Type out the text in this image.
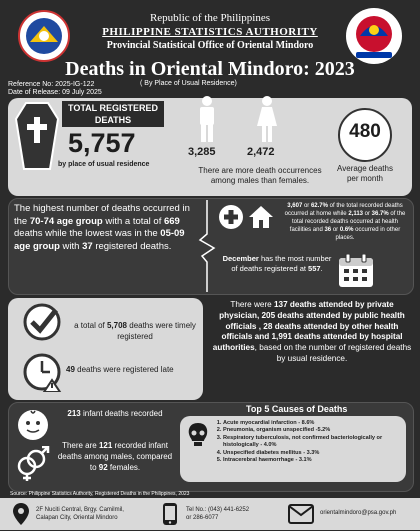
Republic of the Philippines
PHILIPPINE STATISTICS AUTHORITY
Provincial Statistical Office of Oriental Mindoro
Deaths in Oriental Mindoro: 2023
( By Place of Usual Residence)
Reference No: 2025-IG-122
Date of Release: 09 July 2025
TOTAL REGISTERED
DEATHS
5,757
by place of usual residence
3,285	2,472
There are more death occurrences
among males than females.
480
Average deaths
per month
The highest number of deaths occurred in the 70-74 age group with a total of 669 deaths while the lowest was in the 05-09 age group with 37 registered deaths.
3,607 or 62.7% of the total recorded deaths occurred at home while 2,113 or 36.7% of the total recorded deaths occurred at health facilities and 36 or 0.6% occurred in other places.
December has the most number of deaths registered at 557.
a total of 5,708 deaths were timely registered
49 deaths were registered late
There were 137 deaths attended by private physician, 205 deaths attended by public health officials , 28 deaths attended by other health officials and 1,991 deaths attended by hospital authorities, based on the number of registered deaths by usual residence.
213 infant deaths recorded
There are 121 recorded infant deaths among males, compared to 92 females.
Top 5 Causes of Deaths
1. Acute myocardial infarction - 8.6%
2. Pneumonia, organism unspecified -5.2%
3. Respiratory tuberculosis, not confirmed bacteriologically or histologically - 4.0%
4. Unspecified diabetes mellitus - 3.3%
5. Intracerebral haemorrhage - 3.1%
Source: Philippine Statistics Authority, Registered Deaths in the Philippines, 2023
2F Nuciti Central, Brgy. Camilmil,
Calapan City, Oriental Mindoro
Tel No.: (043) 441-6252
or 286-6077
orientalmindoro@psa.gov.ph
